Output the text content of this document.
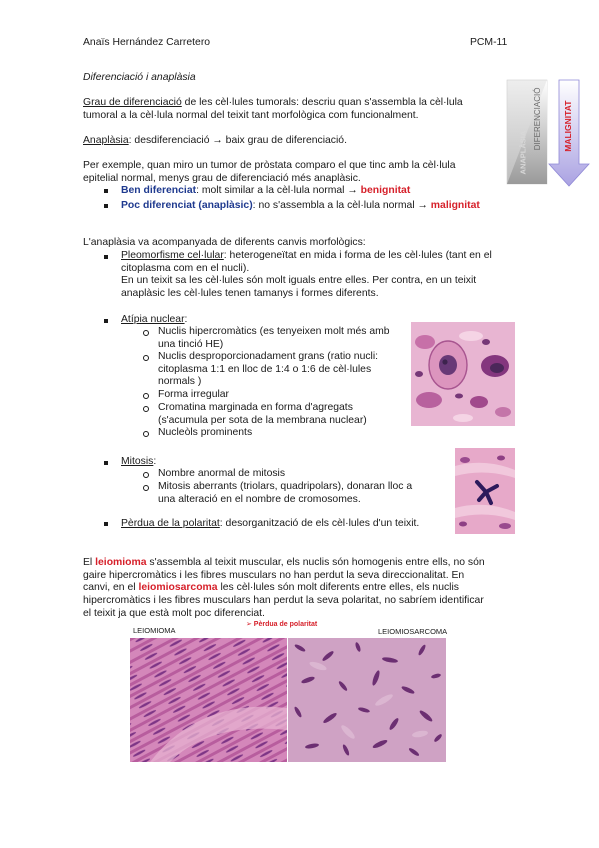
Anaïs Hernández Carretero	PCM-11
Diferenciació i anaplàsia
Grau de diferenciació de les cèl·lules tumorals: descriu quan s'assembla la cèl·lula
tumoral a la cèl·lula normal del teixit tant morfològica com funcionalment.
Anaplàsia: desdiferenciació → baix grau de diferenciació.
Per exemple, quan miro un tumor de pròstata comparo el que tinc amb la cèl·lula
epitelial normal, menys grau de diferenciació més anaplàsic.
Ben diferenciat: molt similar a la cèl·lula normal → benignitat
Poc diferenciat (anaplàsic): no s'assembla a la cèl·lula normal → malignitat
ANAPLÀSIA
DIFERENCIACIÓ MALIGNITAT
L'anaplàsia va acompanyada de diferents canvis morfològics:
Pleomorfisme cel·lular: heterogeneïtat en mida i forma de les cèl·lules (tant en el
citoplasma com en el nucli).
En un teixit sa les cèl·lules són molt iguals entre elles. Per contra, en un teixit
anaplàsic les cèl·lules tenen tamanys i formes diferents.
Atípia nuclear:
Nuclis hipercromàtics (es tenyeixen molt més amb
una tinció HE)
Nuclis desproporcionadament grans (ratio nucli:
citoplasma 1:1 en lloc de 1:4 o 1:6 de cèl·lules
normals )
Forma irregular
Cromatina marginada en forma d'agregats
(s'acumula per sota de la membrana nuclear)
Nucleòls prominents
Mitosis:
Nombre anormal de mitosis
Mitosis aberrants (triolars, quadripolars), donaran lloc a
una alteració en el nombre de cromosomes.
Pèrdua de la polaritat: desorganització de els cèl·lules d'un teixit.
El leiomioma s'assembla al teixit muscular, els nuclis són homogenis entre ells, no són
gaire hipercromàtics i les fibres musculars no han perdut la seva direccionalitat. En
canvi, en el leiomiosarcoma les cèl·lules són molt diferents entre elles, els nuclis
hipercromàtics i les fibres musculars han perdut la seva polaritat, no sabríem identificar
el teixit ja que està molt poc diferenciat.
LEIOMIOMA
➢ Pèrdua de polaritat
LEIOMIOSARCOMA
